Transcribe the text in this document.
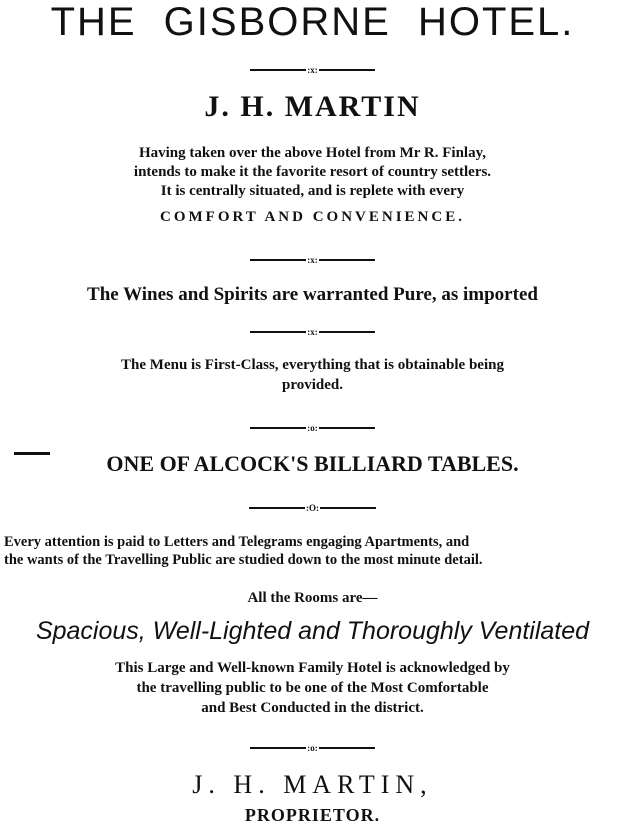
THE GISBORNE HOTEL.
:x:
J. H. MARTIN
Having taken over the above Hotel from Mr R. Finlay,
intends to make it the favorite resort of country settlers.
It is centrally situated, and is replete with every
COMFORT AND CONVENIENCE.
:x:
The Wines and Spirits are warranted Pure, as imported
:x:
The Menu is First-Class, everything that is obtainable being
provided.
:o:
ONE OF ALCOCK'S BILLIARD TABLES.
:O:
Every attention is paid to Letters and Telegrams engaging Apartments, and
the wants of the Travelling Public are studied down to the most minute detail.
All the Rooms are—
Spacious, Well-Lighted and Thoroughly Ventilated
This Large and Well-known Family Hotel is acknowledged by
the travelling public to be one of the Most Comfortable
and Best Conducted in the district.
:o:
J. H. MARTIN,
PROPRIETOR.
